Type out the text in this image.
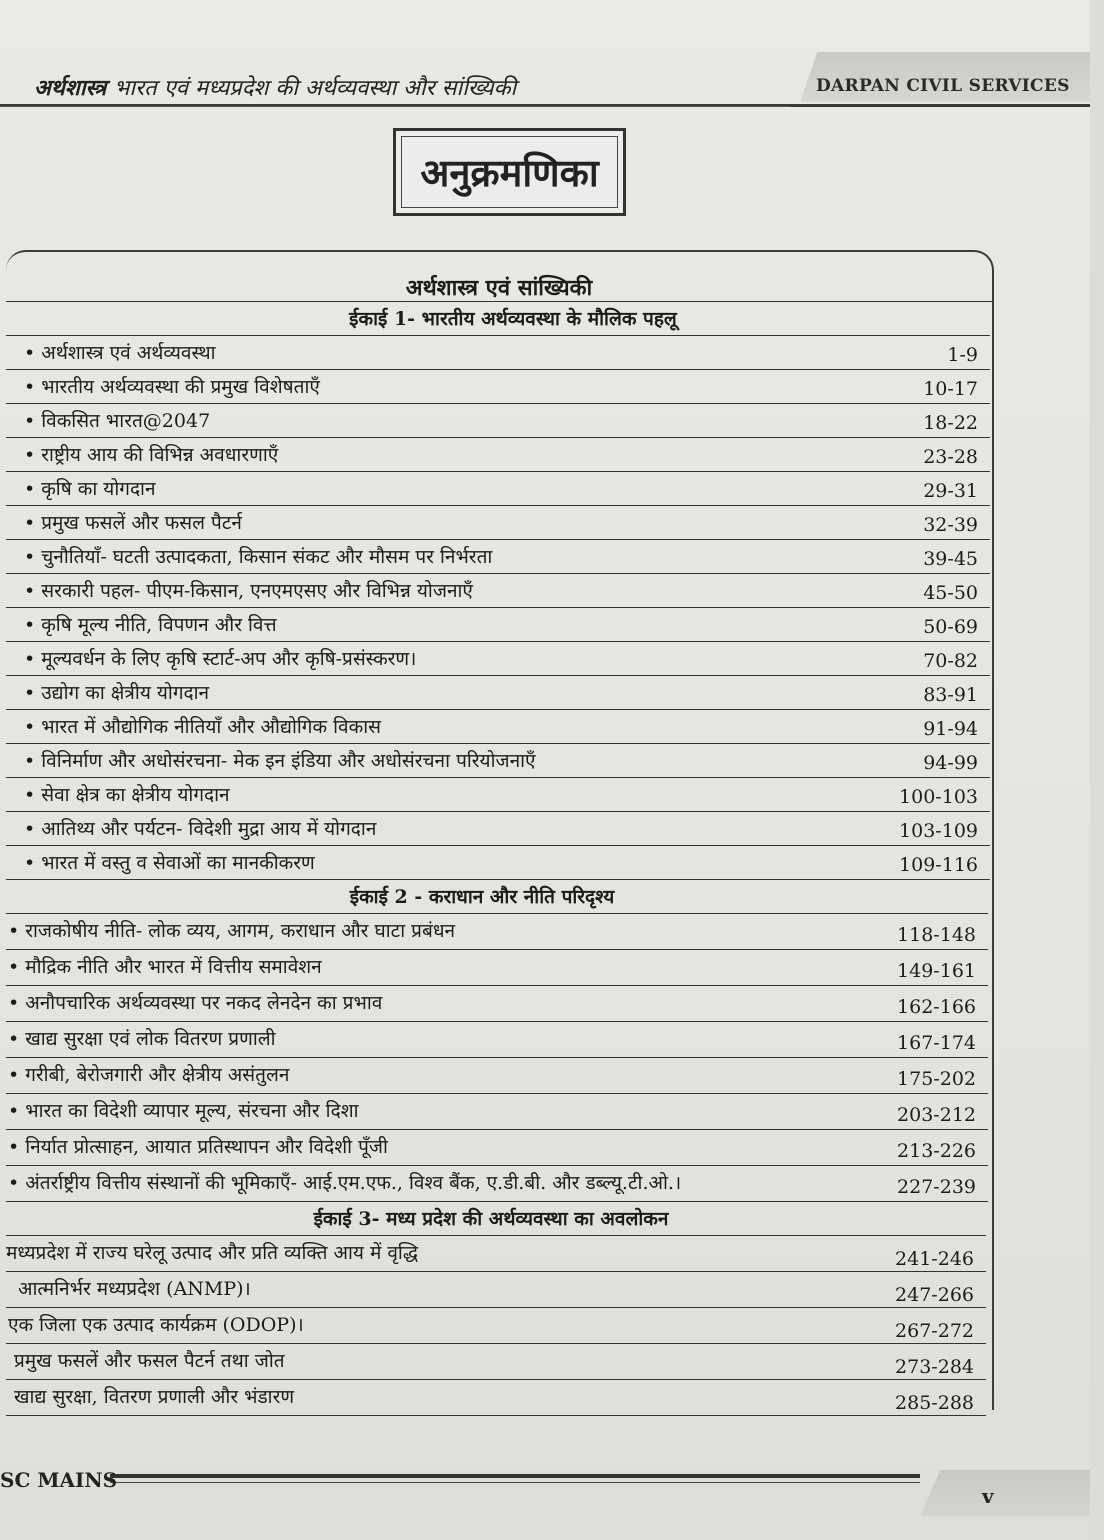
अर्थशास्त्र भारत एवं मध्यप्रदेश की अर्थव्यवस्था और सांख्यिकी	DARPAN CIVIL SERVICES
अनुक्रमणिका
अर्थशास्त्र एवं सांख्यिकी
ईकाई 1- भारतीय अर्थव्यवस्था के मौलिक पहलू
• अर्थशास्त्र एवं अर्थव्यवस्था	1-9
• भारतीय अर्थव्यवस्था की प्रमुख विशेषताएँ	10-17
• विकसित भारत@2047	18-22
• राष्ट्रीय आय की विभिन्न अवधारणाएँ	23-28
• कृषि का योगदान	29-31
• प्रमुख फसलें और फसल पैटर्न	32-39
• चुनौतियाँ- घटती उत्पादकता, किसान संकट और मौसम पर निर्भरता	39-45
• सरकारी पहल- पीएम-किसान, एनएमएसए और विभिन्न योजनाएँ	45-50
• कृषि मूल्य नीति, विपणन और वित्त	50-69
• मूल्यवर्धन के लिए कृषि स्टार्ट-अप और कृषि-प्रसंस्करण।	70-82
• उद्योग का क्षेत्रीय योगदान	83-91
• भारत में औद्योगिक नीतियाँ और औद्योगिक विकास	91-94
• विनिर्माण और अधोसंरचना- मेक इन इंडिया और अधोसंरचना परियोजनाएँ	94-99
• सेवा क्षेत्र का क्षेत्रीय योगदान	100-103
• आतिथ्य और पर्यटन- विदेशी मुद्रा आय में योगदान	103-109
• भारत में वस्तु व सेवाओं का मानकीकरण	109-116
ईकाई 2 - कराधान और नीति परिदृश्य
• राजकोषीय नीति- लोक व्यय, आगम, कराधान और घाटा प्रबंधन	118-148
• मौद्रिक नीति और भारत में वित्तीय समावेशन	149-161
• अनौपचारिक अर्थव्यवस्था पर नकद लेनदेन का प्रभाव	162-166
• खाद्य सुरक्षा एवं लोक वितरण प्रणाली	167-174
• गरीबी, बेरोजगारी और क्षेत्रीय असंतुलन	175-202
• भारत का विदेशी व्यापार मूल्य, संरचना और दिशा	203-212
• निर्यात प्रोत्साहन, आयात प्रतिस्थापन और विदेशी पूँजी	213-226
• अंतर्राष्ट्रीय वित्तीय संस्थानों की भूमिकाएँ- आई.एम.एफ., विश्व बैंक, ए.डी.बी. और डब्ल्यू.टी.ओ.।	227-239
ईकाई 3- मध्य प्रदेश की अर्थव्यवस्था का अवलोकन
मध्यप्रदेश में राज्य घरेलू उत्पाद और प्रति व्यक्ति आय में वृद्धि	241-246
आत्मनिर्भर मध्यप्रदेश (ANMP)।	247-266
एक जिला एक उत्पाद कार्यक्रम (ODOP)।	267-272
प्रमुख फसलें और फसल पैटर्न तथा जोत	273-284
खाद्य सुरक्षा, वितरण प्रणाली और भंडारण	285-288
SC MAINS
v
